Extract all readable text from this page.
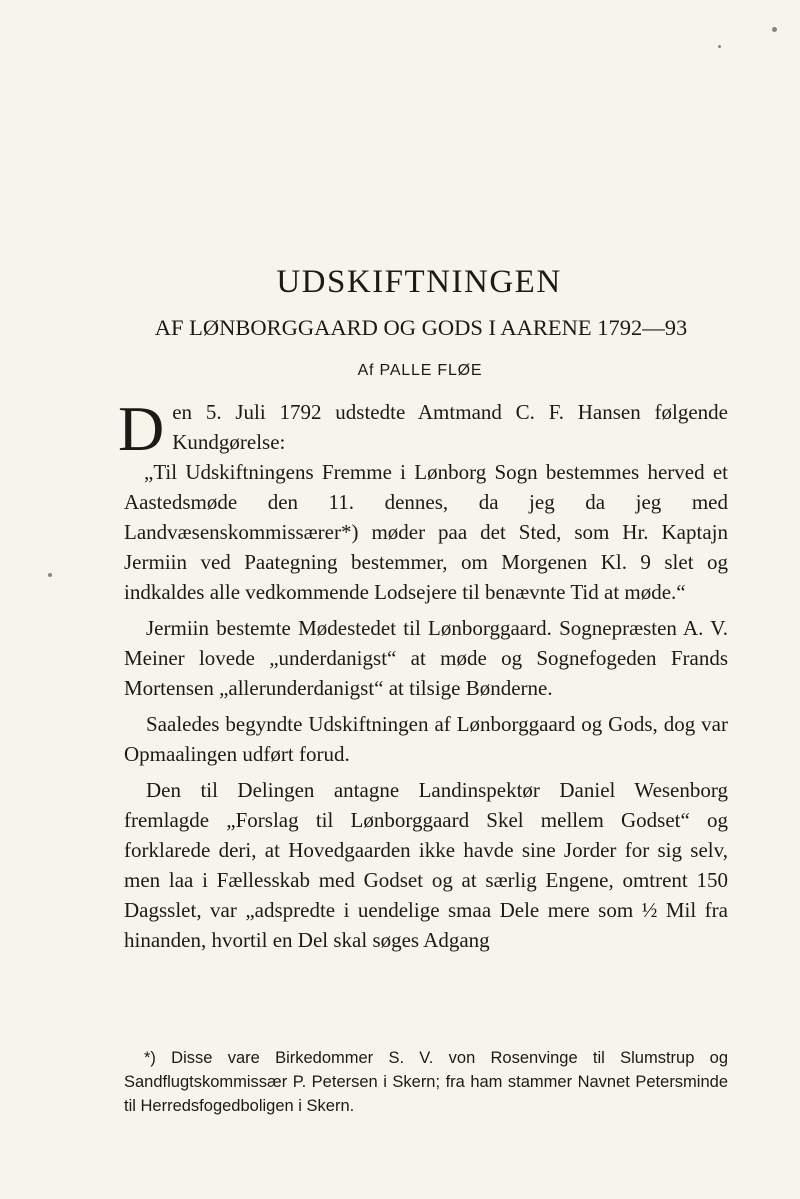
UDSKIFTNINGEN
AF LØNBORGGAARD OG GODS I AARENE 1792—93
Af PALLE FLØE

Den 5. Juli 1792 udstedte Amtmand C. F. Hansen følgende Kundgørelse:

„Til Udskiftningens Fremme i Lønborg Sogn bestemmes herved et Aastedsmøde den 11. dennes, da jeg da jeg med Landvæsenskommissærer*) møder paa det Sted, som Hr. Kaptajn Jermiin ved Paategning bestemmer, om Morgenen Kl. 9 slet og indkaldes alle vedkommende Lodsejere til benævnte Tid at møde.“

Jermiin bestemte Mødestedet til Lønborggaard. Sognepræsten A. V. Meiner lovede „underdanigst“ at møde og Sognefogeden Frands Mortensen „allerunderdanigst“ at tilsige Bønderne.

Saaledes begyndte Udskiftningen af Lønborggaard og Gods, dog var Opmaalingen udført forud.

Den til Delingen antagne Landinspektør Daniel Wesenborg fremlagde „Forslag til Lønborggaard Skel mellem Godset“ og forklarede deri, at Hovedgaarden ikke havde sine Jorder for sig selv, men laa i Fællesskab med Godset og at særlig Engene, omtrent 150 Dagsslet, var „adspredte i uendelige smaa Dele mere som ½ Mil fra hinanden, hvortil en Del skal søges Adgang

*) Disse vare Birkedommer S. V. von Rosenvinge til Slumstrup og Sandflugtskommissær P. Petersen i Skern; fra ham stammer Navnet Petersminde til Herredsfogedboligen i Skern.
